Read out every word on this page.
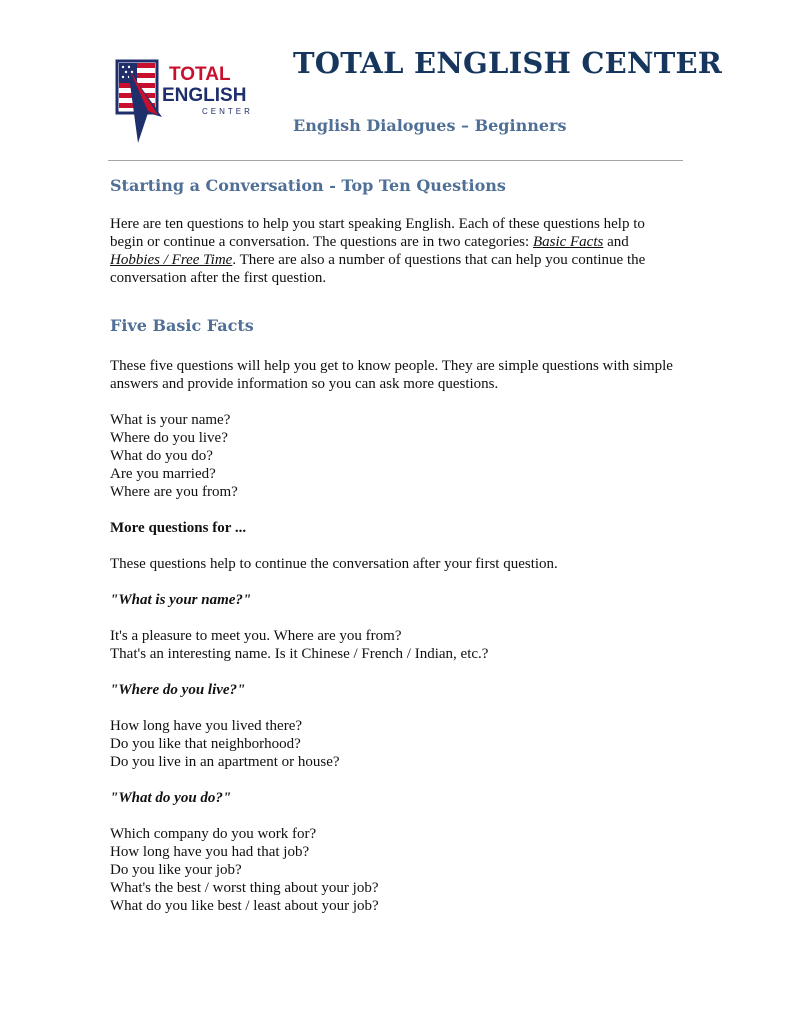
TOTAL
ENGLISH
CENTER
TOTAL ENGLISH CENTER
English Dialogues – Beginners
Starting a Conversation - Top Ten Questions

Here are ten questions to help you start speaking English. Each of these questions help to begin or continue a conversation. The questions are in two categories: Basic Facts and Hobbies / Free Time. There are also a number of questions that can help you continue the conversation after the first question.

Five Basic Facts

These five questions will help you get to know people. They are simple questions with simple answers and provide information so you can ask more questions.

What is your name?
Where do you live?
What do you do?
Are you married?
Where are you from?
More questions for ...
These questions help to continue the conversation after your first question.
"What is your name?"
It's a pleasure to meet you. Where are you from?
That's an interesting name. Is it Chinese / French / Indian, etc.?
"Where do you live?"
How long have you lived there?
Do you like that neighborhood?
Do you live in an apartment or house?
"What do you do?"
Which company do you work for?
How long have you had that job?
Do you like your job?
What's the best / worst thing about your job?
What do you like best / least about your job?
